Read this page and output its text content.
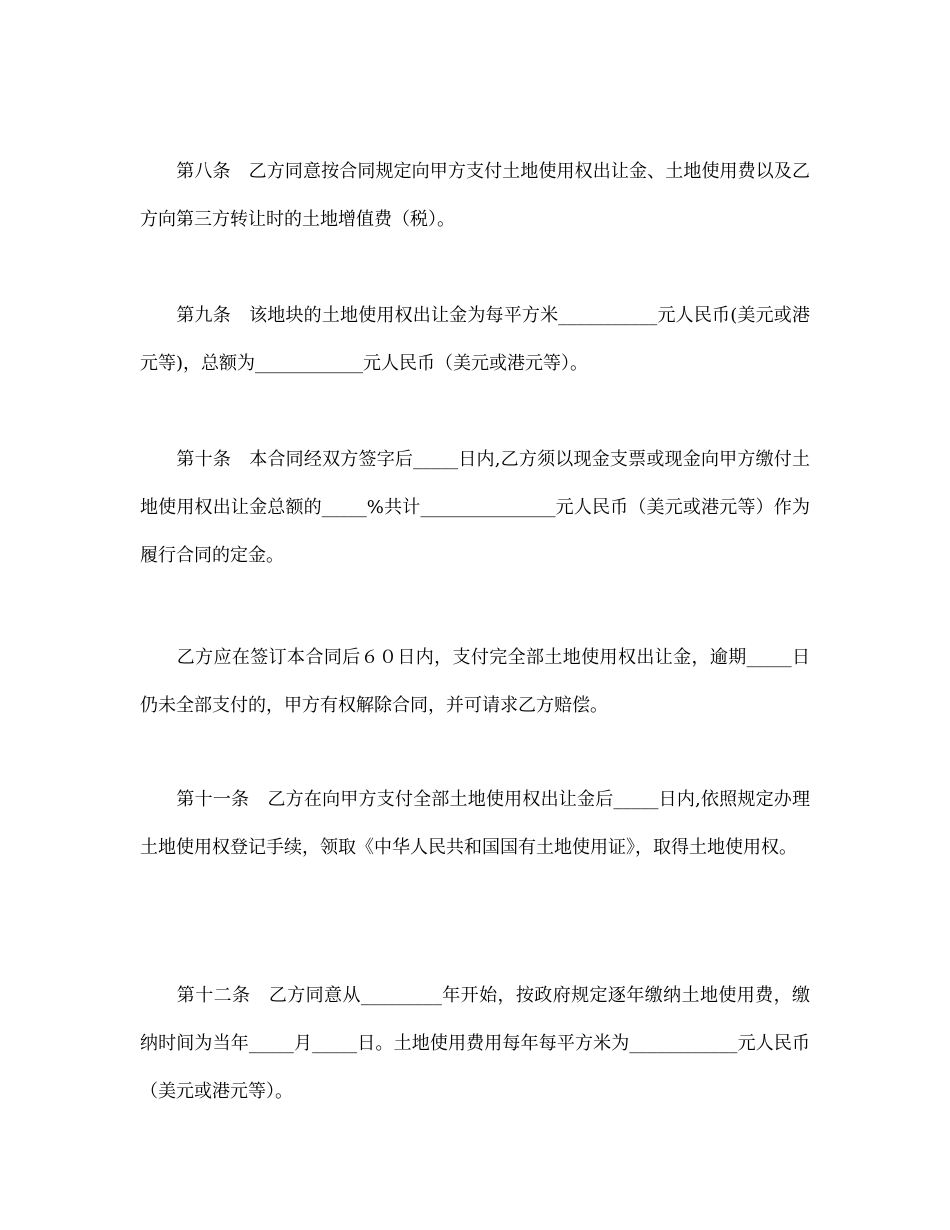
　　第八条　乙方同意按合同规定向甲方支付土地使用权出让金、土地使用费以及乙方向第三方转让时的土地增值费（税）。

　　第九条　该地块的土地使用权出让金为每平方米___________元人民币(美元或港元等)，总额为____________元人民币（美元或港元等）。

　　第十条　本合同经双方签字后_____日内,乙方须以现金支票或现金向甲方缴付土地使用权出让金总额的_____%共计_______________元人民币（美元或港元等）作为履行合同的定金。

　　乙方应在签订本合同后６０日内，支付完全部土地使用权出让金，逾期_____日仍未全部支付的，甲方有权解除合同，并可请求乙方赔偿。

　　第十一条　乙方在向甲方支付全部土地使用权出让金后_____日内,依照规定办理土地使用权登记手续，领取《中华人民共和国国有土地使用证》，取得土地使用权。

　　第十二条　乙方同意从_________年开始，按政府规定逐年缴纳土地使用费，缴纳时间为当年_____月_____日。土地使用费用每年每平方米为____________元人民币（美元或港元等）。
